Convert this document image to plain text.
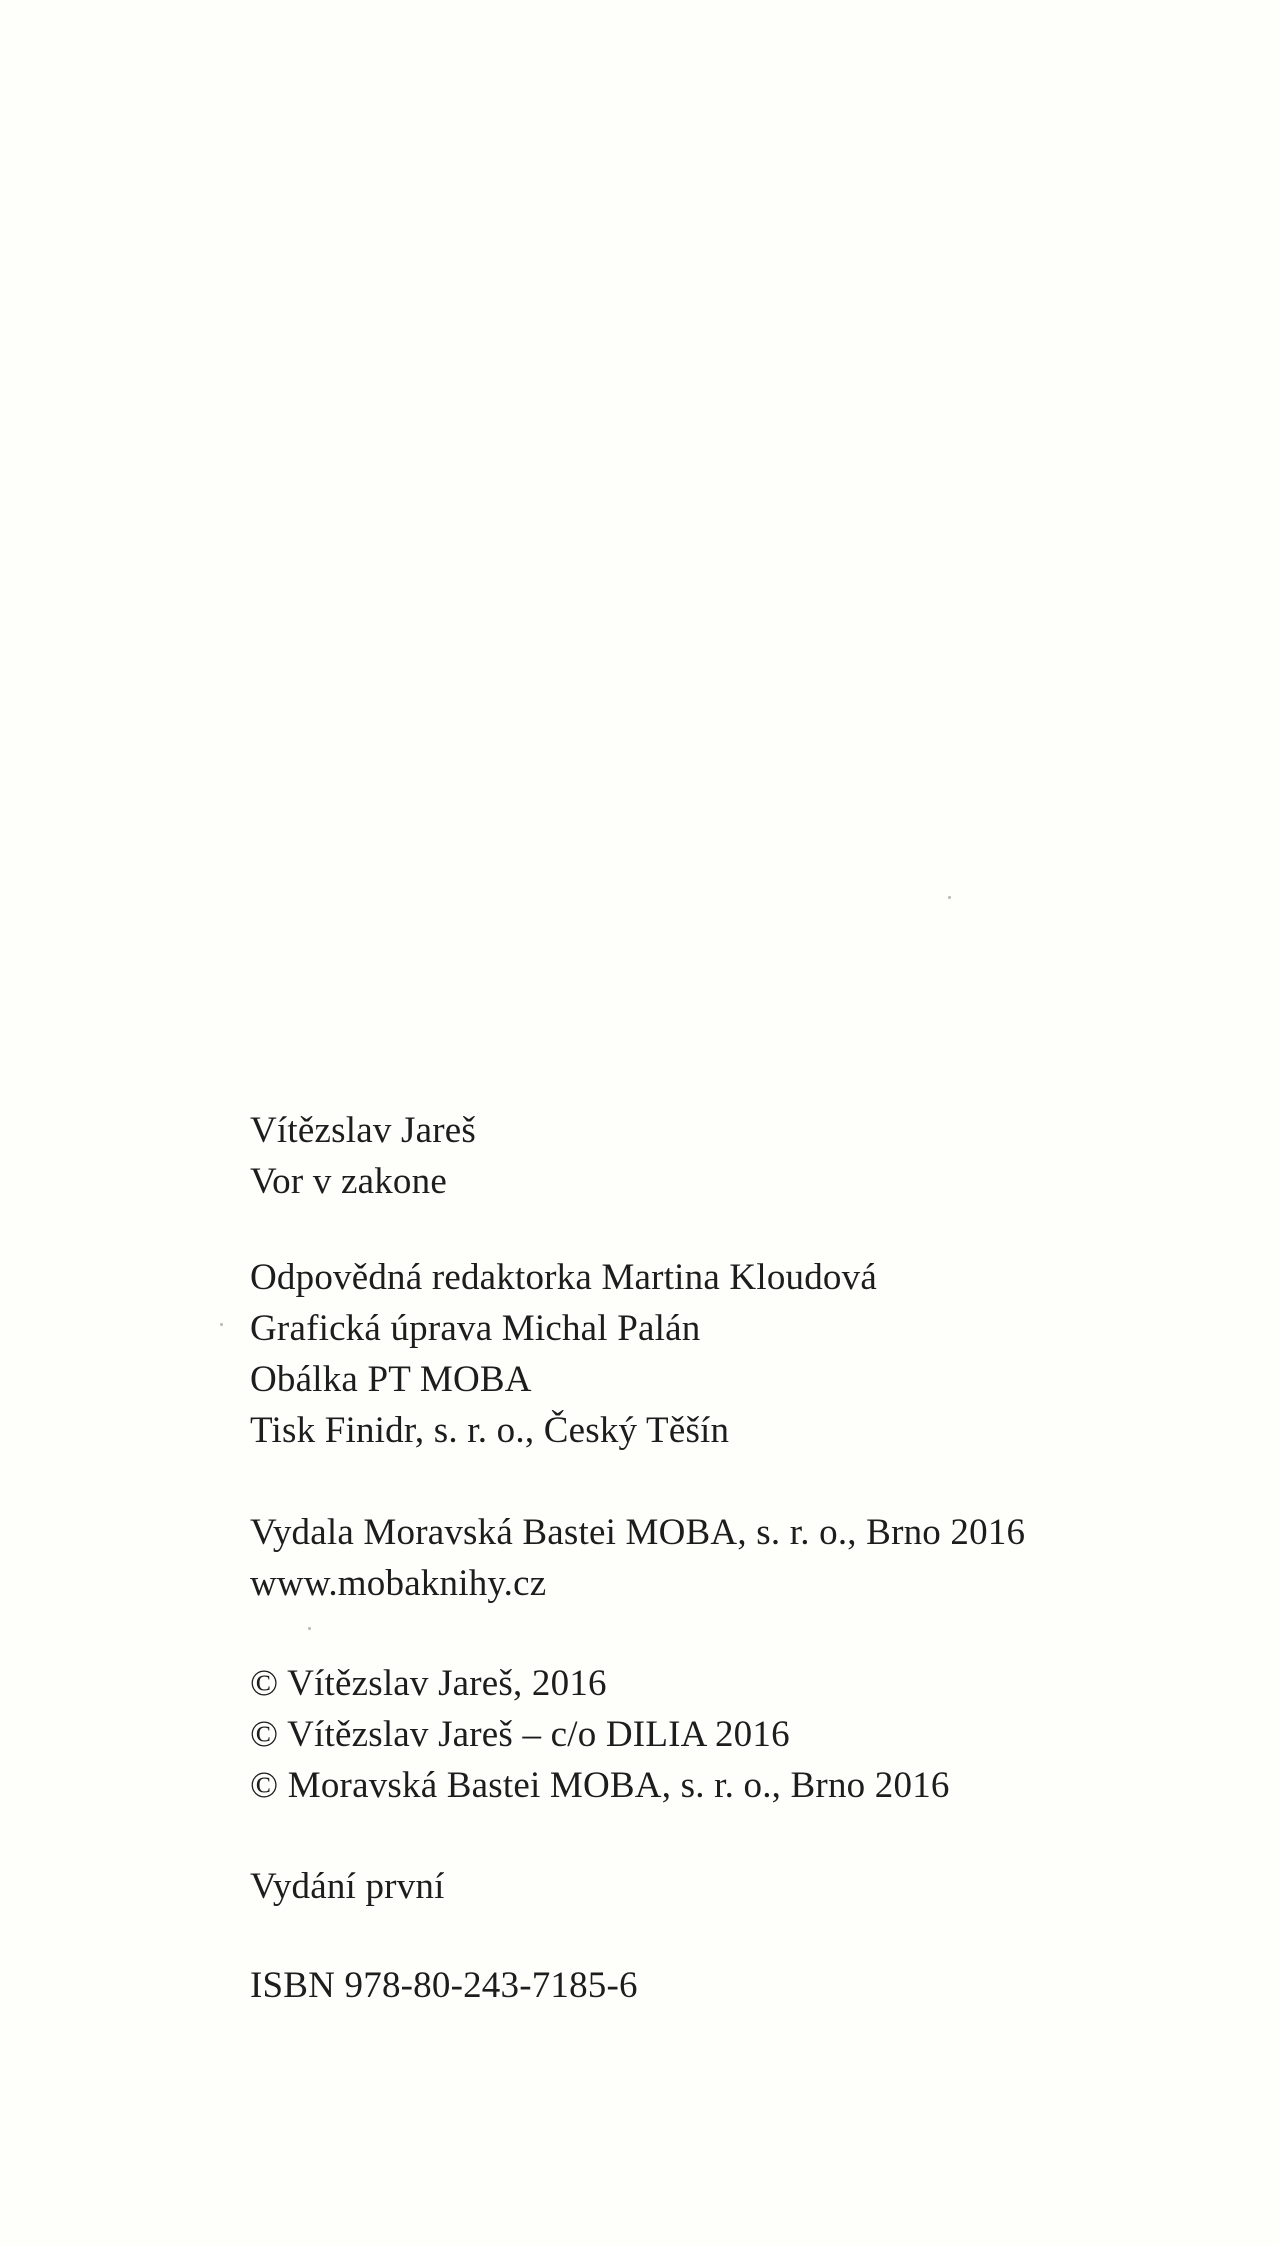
Vítězslav Jareš
Vor v zakone
Odpovědná redaktorka Martina Kloudová
Grafická úprava Michal Palán
Obálka PT MOBA
Tisk Finidr, s. r. o., Český Těšín
Vydala Moravská Bastei MOBA, s. r. o., Brno 2016
www.mobaknihy.cz
© Vítězslav Jareš, 2016
© Vítězslav Jareš – c/o DILIA 2016
© Moravská Bastei MOBA, s. r. o., Brno 2016
Vydání první
ISBN 978-80-243-7185-6
